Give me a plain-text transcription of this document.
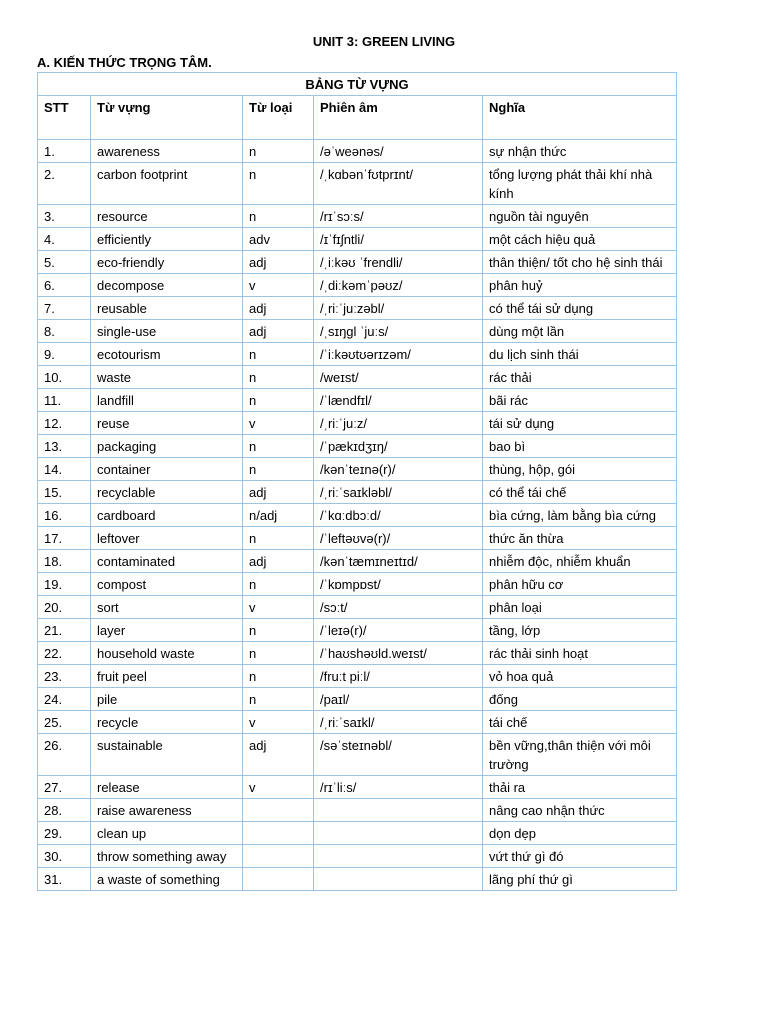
UNIT 3: GREEN LIVING
A. KIẾN THỨC TRỌNG TÂM.
BẢNG TỪ VỰNG				
STT	Từ vựng	Từ loại	Phiên âm	Nghĩa
1.	awareness	n	/əˈweənəs/	sự nhận thức
2.	carbon footprint	n	/ˌkɑbənˈfʊtprɪnt/	tổng lượng phát thải khí nhà kính
3.	resource	n	/rɪˈsɔːs/	nguồn tài nguyên
4.	efficiently	adv	/ɪˈfɪʃntli/	một cách hiệu quả
5.	eco-friendly	adj	/ˌiːkəʊ ˈfrendli/	thân thiện/ tốt cho hệ sinh thái
6.	decompose	v	/ˌdiːkəmˈpəʊz/	phân huỷ
7.	reusable	adj	/ˌriːˈjuːzəbl/	có thể tái sử dụng
8.	single-use	adj	/ˌsɪŋɡl ˈjuːs/	dùng một lần
9.	ecotourism	n	/ˈiːkəʊtʊərɪzəm/	du lịch sinh thái
10.	waste	n	/weɪst/	rác thải
11.	landfill	n	/ˈlændfɪl/	bãi rác
12.	reuse	v	/ˌriːˈjuːz/	tái sử dụng
13.	packaging	n	/ˈpækɪdʒɪŋ/	bao bì
14.	container	n	/kənˈteɪnə(r)/	thùng, hộp, gói
15.	recyclable	adj	/ˌriːˈsaɪkləbl/	có thể tái chế
16.	cardboard	n/adj	/ˈkɑːdbɔːd/	bìa cứng, làm bằng bìa cứng
17.	leftover	n	/ˈleftəʊvə(r)/	thức ăn thừa
18.	contaminated	adj	/kənˈtæmɪneɪtɪd/	nhiễm độc, nhiễm khuẩn
19.	compost	n	/ˈkɒmpɒst/	phân hữu cơ
20.	sort	v	/sɔːt/	phân loại
21.	layer	n	/ˈleɪə(r)/	tầng, lớp
22.	household waste	n	/ˈhaʊshəʊld.weɪst/	rác thải sinh hoạt
23.	fruit peel	n	/fruːt piːl/	vỏ hoa quả
24.	pile	n	/paɪl/	đống
25.	recycle	v	/ˌriːˈsaɪkl/	tái chế
26.	sustainable	adj	/səˈsteɪnəbl/	bền vững,thân thiện với môi trường
27.	release	v	/rɪˈliːs/	thải ra
28.	raise awareness			nâng cao nhận thức
29.	clean up			dọn dẹp
30.	throw something away			vứt thứ gì đó
31.	a waste of something			lãng phí thứ gì
